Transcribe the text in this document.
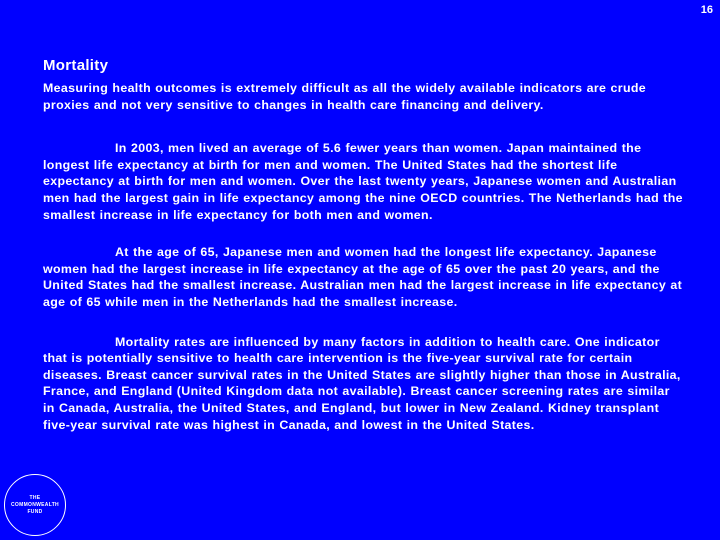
16
Mortality

Measuring health outcomes is extremely difficult as all the widely available indicators are crude proxies and not very sensitive to changes in health care financing and delivery.

In 2003, men lived an average of 5.6 fewer years than women. Japan maintained the longest life expectancy at birth for men and women. The United States had the shortest life expectancy at birth for men and women. Over the last twenty years, Japanese women and Australian men had the largest gain in life expectancy among the nine OECD countries. The Netherlands had the smallest increase in life expectancy for both men and women.

At the age of 65, Japanese men and women had the longest life expectancy. Japanese women had the largest increase in life expectancy at the age of 65 over the past 20 years, and the United States had the smallest increase. Australian men had the largest increase in life expectancy at age of 65 while men in the Netherlands had the smallest increase.

Mortality rates are influenced by many factors in addition to health care. One indicator that is potentially sensitive to health care intervention is the five-year survival rate for certain diseases. Breast cancer survival rates in the United States are slightly higher than those in Australia, France, and England (United Kingdom data not available). Breast cancer screening rates are similar in Canada, Australia, the United States, and England, but lower in New Zealand. Kidney transplant five-year survival rate was highest in Canada, and lowest in the United States.

THE
COMMONWEALTH
FUND
